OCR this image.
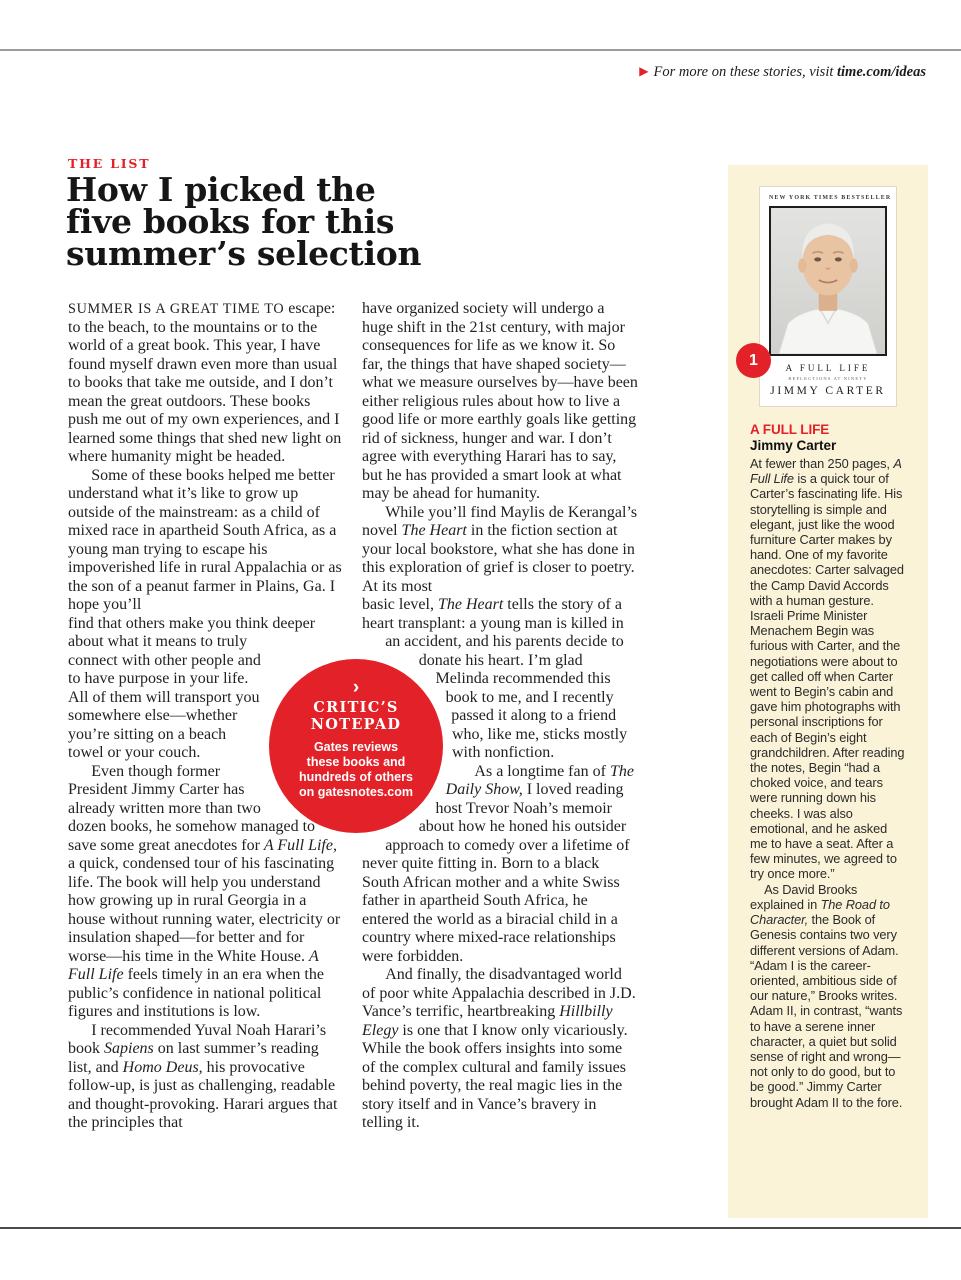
▶ For more on these stories, visit time.com/ideas
THE LIST
How I picked the
five books for this
summer’s selection

SUMMER IS A GREAT TIME TO escape: to the beach, to the mountains or to the world of a great book. This year, I have found myself drawn even more than usual to books that take me outside, and I don’t mean the great outdoors. These books push me out of my own experiences, and I learned some things that shed new light on where humanity might be headed.

Some of these books helped me better understand what it’s like to grow up outside of the mainstream: as a child of mixed race in apartheid South Africa, as a young man trying to escape his impoverished life in rural Appalachia or as the son of a peanut farmer in Plains, Ga. I hope you’ll

find that others make you think deeper about what it means to truly connect with other people and to have purpose in your life. All of them will transport you somewhere else—whether you’re sitting on a beach towel or your couch.

Even though former President Jimmy Carter has already written more than two dozen books, he somehow managed to save some great anecdotes for A Full Life, a quick, condensed tour of his fascinating life. The book will help you understand how growing up in rural Georgia in a house without running water, electricity or insulation shaped—for better and for worse—his time in the White House. A Full Life feels timely in an era when the public’s confidence in national political figures and institutions is low.

I recommended Yuval Noah Harari’s book Sapiens on last summer’s reading list, and Homo Deus, his provocative follow-up, is just as challenging, readable and thought-provoking. Harari argues that the principles that

have organized society will undergo a huge shift in the 21st century, with major consequences for life as we know it. So far, the things that have shaped society—what we measure ourselves by—have been either religious rules about how to live a good life or more earthly goals like getting rid of sickness, hunger and war. I don’t agree with everything Harari has to say, but he has provided a smart look at what may be ahead for humanity.

While you’ll find Maylis de Kerangal’s novel The Heart in the fiction section at your local bookstore, what she has done in this exploration of grief is closer to poetry. At its most

basic level, The Heart tells the story of a heart transplant: a young man is killed in an accident, and his parents decide to donate his heart. I’m glad Melinda recommended this book to me, and I recently passed it along to a friend who, like me, sticks mostly with nonfiction.

As a longtime fan of The Daily Show, I loved reading host Trevor Noah’s memoir about how he honed his outsider approach to comedy over a lifetime of never quite fitting in. Born to a black South African mother and a white Swiss father in apartheid South Africa, he entered the world as a biracial child in a country where mixed-race relationships were forbidden.

And finally, the disadvantaged world of poor white Appalachia described in J.D. Vance’s terrific, heartbreaking Hillbilly Elegy is one that I know only vicariously. While the book offers insights into some of the complex cultural and family issues behind poverty, the real magic lies in the story itself and in Vance’s bravery in telling it.

›
CRITIC’S
NOTEPAD
Gates reviews these books and hundreds of others on gatesnotes.com
NEW YORK TIMES BESTSELLER
A FULL LIFE
REFLECTIONS AT NINETY
JIMMY CARTER
1
A FULL LIFE
Jimmy Carter

At fewer than 250 pages, A Full Life is a quick tour of Carter’s fascinating life. His storytelling is simple and elegant, just like the wood furniture Carter makes by hand. One of my favorite anecdotes: Carter salvaged the Camp David Accords with a human gesture. Israeli Prime Minister Menachem Begin was furious with Carter, and the negotiations were about to get called off when Carter went to Begin’s cabin and gave him photographs with personal inscriptions for each of Begin’s eight grandchildren. After reading the notes, Begin “had a choked voice, and tears were running down his cheeks. I was also emotional, and he asked me to have a seat. After a few minutes, we agreed to try once more.”

As David Brooks explained in The Road to Character, the Book of Genesis contains two very different versions of Adam. “Adam I is the career-oriented, ambitious side of our nature,” Brooks writes. Adam II, in contrast, “wants to have a serene inner character, a quiet but solid sense of right and wrong—not only to do good, but to be good.” Jimmy Carter brought Adam II to the fore.
